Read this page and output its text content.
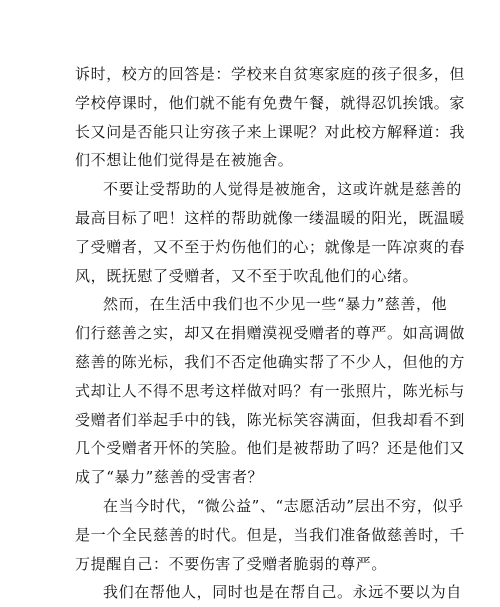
诉时，校方的回答是：学校来自贫寒家庭的孩子很多，但
学校停课时，他们就不能有免费午餐，就得忍饥挨饿。家
长又问是否能只让穷孩子来上课呢？对此校方解释道：我
们不想让他们觉得是在被施舍。
不要让受帮助的人觉得是被施舍，这或许就是慈善的
最高目标了吧！这样的帮助就像一缕温暖的阳光，既温暖
了受赠者，又不至于灼伤他们的心；就像是一阵凉爽的春
风，既抚慰了受赠者，又不至于吹乱他们的心绪。
然而，在生活中我们也不少见一些“暴力”慈善，他
们行慈善之实，却又在捐赠漠视受赠者的尊严。如高调做
慈善的陈光标，我们不否定他确实帮了不少人，但他的方
式却让人不得不思考这样做对吗？有一张照片，陈光标与
受赠者们举起手中的钱，陈光标笑容满面，但我却看不到
几个受赠者开怀的笑脸。他们是被帮助了吗？还是他们又
成了“暴力”慈善的受害者？
在当今时代，“微公益”、“志愿活动”层出不穷，似乎
是一个全民慈善的时代。但是，当我们准备做慈善时，千
万提醒自己：不要伤害了受赠者脆弱的尊严。
我们在帮他人，同时也是在帮自己。永远不要以为自
